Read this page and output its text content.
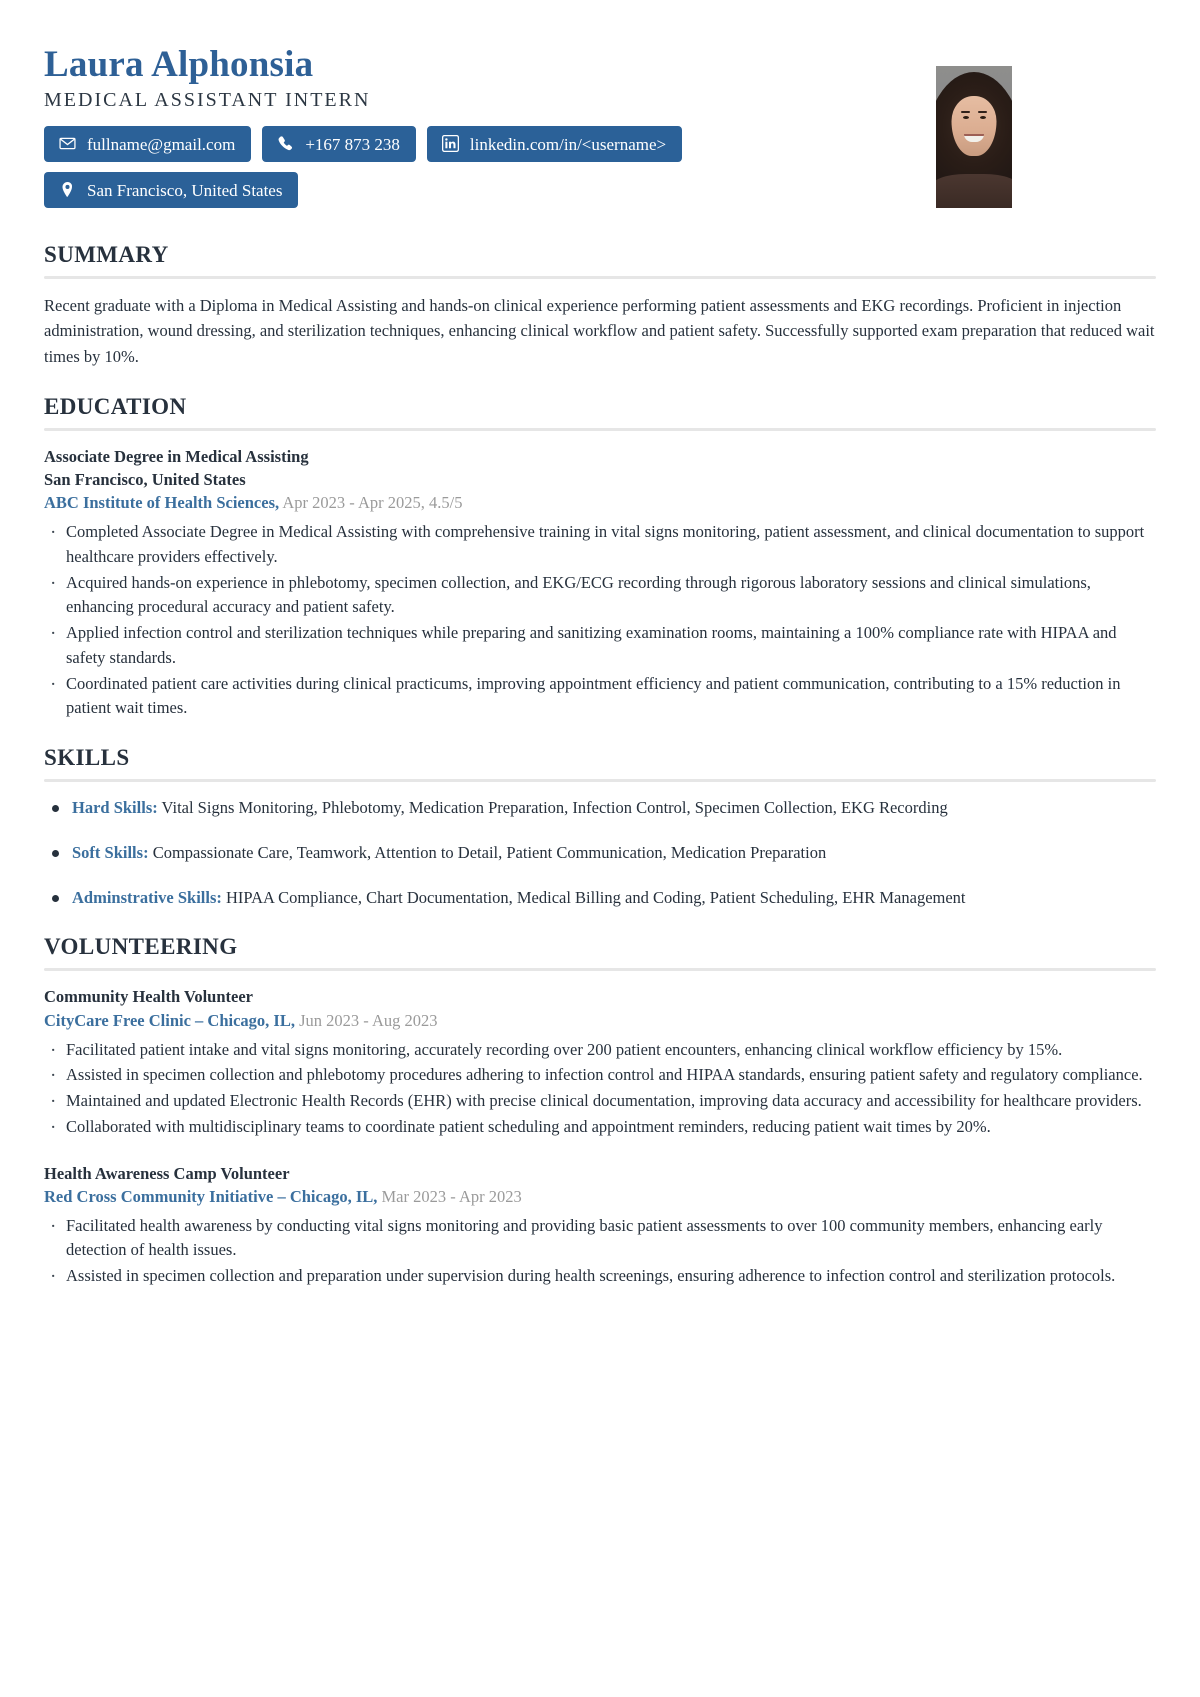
Laura Alphonsia
MEDICAL ASSISTANT INTERN
fullname@gmail.com	+167 873 238	linkedin.com/in/<username>
San Francisco, United States
SUMMARY

Recent graduate with a Diploma in Medical Assisting and hands-on clinical experience performing patient assessments and EKG recordings. Proficient in injection administration, wound dressing, and sterilization techniques, enhancing clinical workflow and patient safety. Successfully supported exam preparation that reduced wait times by 10%.

EDUCATION
Associate Degree in Medical Assisting
San Francisco, United States
ABC Institute of Health Sciences, Apr 2023 - Apr 2025, 4.5/5
· Completed Associate Degree in Medical Assisting with comprehensive training in vital signs monitoring, patient assessment, and clinical documentation to support healthcare providers effectively.
· Acquired hands-on experience in phlebotomy, specimen collection, and EKG/ECG recording through rigorous laboratory sessions and clinical simulations, enhancing procedural accuracy and patient safety.
· Applied infection control and sterilization techniques while preparing and sanitizing examination rooms, maintaining a 100% compliance rate with HIPAA and safety standards.
· Coordinated patient care activities during clinical practicums, improving appointment efficiency and patient communication, contributing to a 15% reduction in patient wait times.
SKILLS
Hard Skills: Vital Signs Monitoring, Phlebotomy, Medication Preparation, Infection Control, Specimen Collection, EKG Recording
Soft Skills: Compassionate Care, Teamwork, Attention to Detail, Patient Communication, Medication Preparation
Adminstrative Skills: HIPAA Compliance, Chart Documentation, Medical Billing and Coding, Patient Scheduling, EHR Management
VOLUNTEERING
Community Health Volunteer
CityCare Free Clinic – Chicago, IL, Jun 2023 - Aug 2023
· Facilitated patient intake and vital signs monitoring, accurately recording over 200 patient encounters, enhancing clinical workflow efficiency by 15%.
· Assisted in specimen collection and phlebotomy procedures adhering to infection control and HIPAA standards, ensuring patient safety and regulatory compliance.
· Maintained and updated Electronic Health Records (EHR) with precise clinical documentation, improving data accuracy and accessibility for healthcare providers.
· Collaborated with multidisciplinary teams to coordinate patient scheduling and appointment reminders, reducing patient wait times by 20%.
Health Awareness Camp Volunteer
Red Cross Community Initiative – Chicago, IL, Mar 2023 - Apr 2023
· Facilitated health awareness by conducting vital signs monitoring and providing basic patient assessments to over 100 community members, enhancing early detection of health issues.
· Assisted in specimen collection and preparation under supervision during health screenings, ensuring adherence to infection control and sterilization protocols.
